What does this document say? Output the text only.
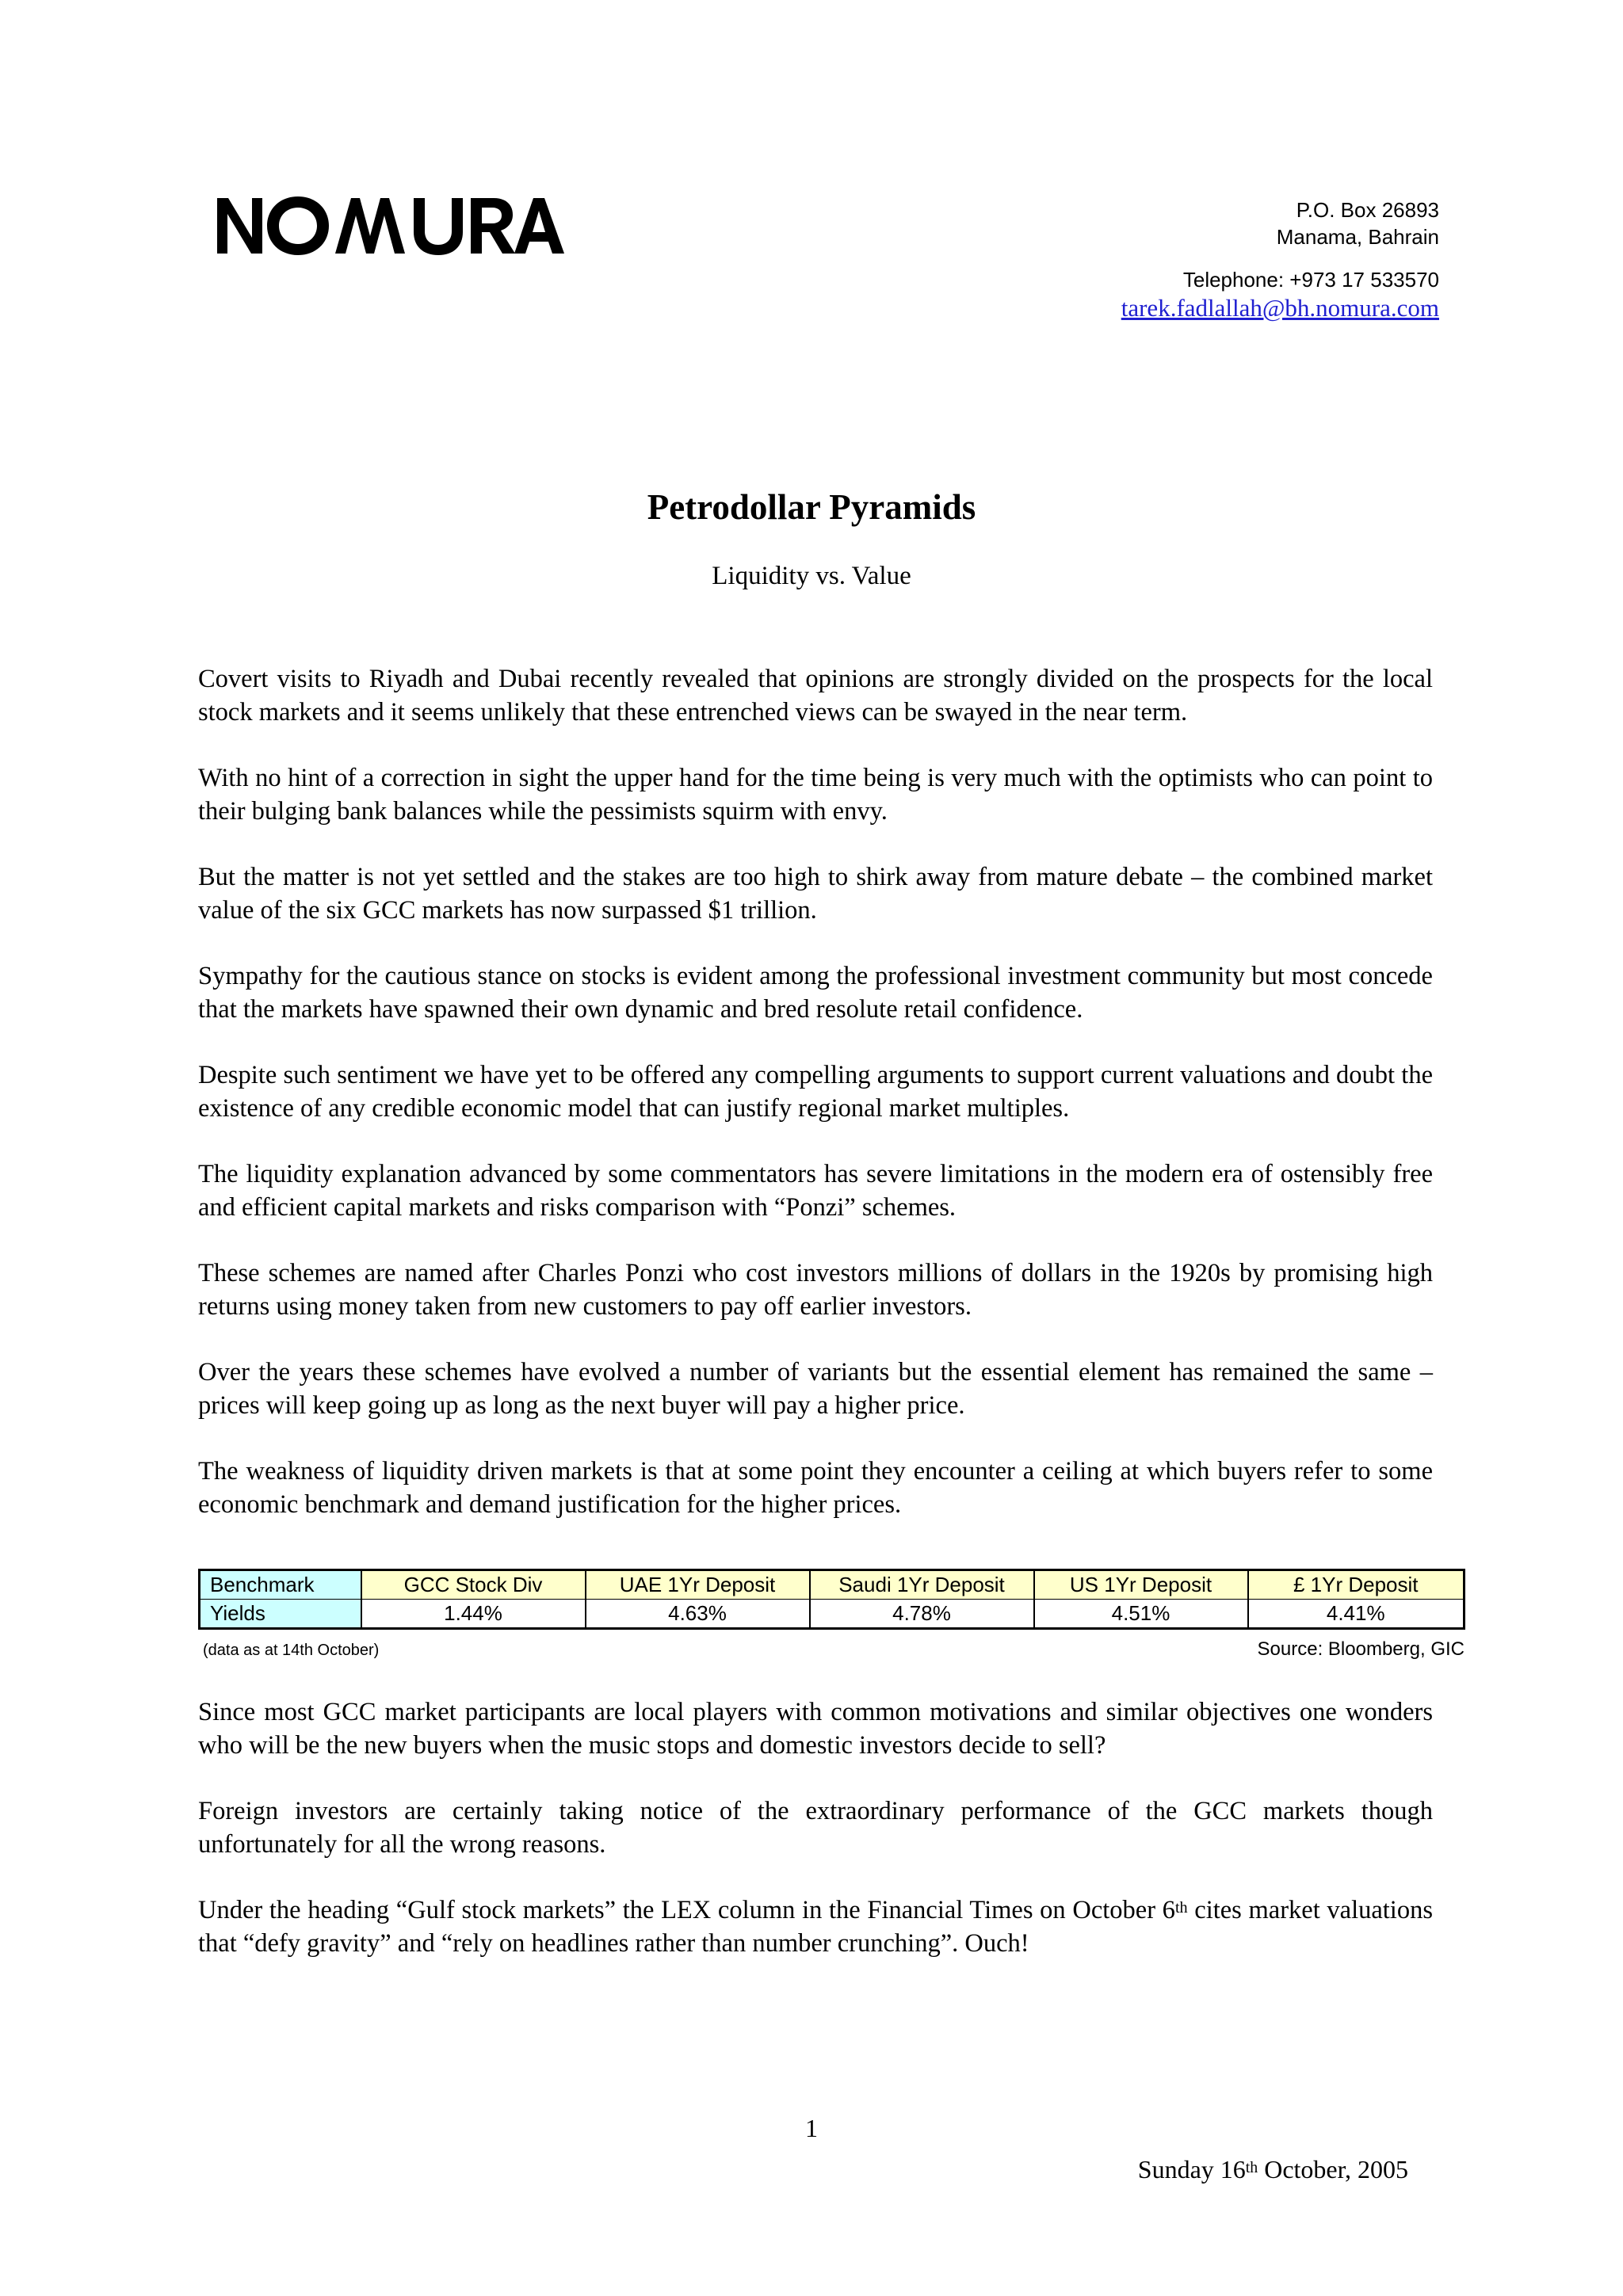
P.O. Box 26893
Manama, Bahrain
Telephone: +973 17 533570
tarek.fadlallah@bh.nomura.com
Petrodollar Pyramids
Liquidity vs. Value

Covert visits to Riyadh and Dubai recently revealed that opinions are strongly divided on the prospects for the local stock markets and it seems unlikely that these entrenched views can be swayed in the near term.

With no hint of a correction in sight the upper hand for the time being is very much with the optimists who can point to their bulging bank balances while the pessimists squirm with envy.

But the matter is not yet settled and the stakes are too high to shirk away from mature debate – the combined market value of the six GCC markets has now surpassed $1 trillion.

Sympathy for the cautious stance on stocks is evident among the professional investment community but most concede that the markets have spawned their own dynamic and bred resolute retail confidence.

Despite such sentiment we have yet to be offered any compelling arguments to support current valuations and doubt the existence of any credible economic model that can justify regional market multiples.

The liquidity explanation advanced by some commentators has severe limitations in the modern era of ostensibly free and efficient capital markets and risks comparison with “Ponzi” schemes.

These schemes are named after Charles Ponzi who cost investors millions of dollars in the 1920s by promising high returns using money taken from new customers to pay off earlier investors.

Over the years these schemes have evolved a number of variants but the essential element has remained the same – prices will keep going up as long as the next buyer will pay a higher price.

The weakness of liquidity driven markets is that at some point they encounter a ceiling at which buyers refer to some economic benchmark and demand justification for the higher prices.

Benchmark	GCC Stock Div	UAE 1Yr Deposit	Saudi 1Yr Deposit	US 1Yr Deposit	£ 1Yr Deposit
Yields	1.44%	4.63%	4.78%	4.51%	4.41%
(data as at 14th October)	Source: Bloomberg, GIC

Since most GCC market participants are local players with common motivations and similar objectives one wonders who will be the new buyers when the music stops and domestic investors decide to sell?

Foreign investors are certainly taking notice of the extraordinary performance of the GCC markets though unfortunately for all the wrong reasons.

Under the heading “Gulf stock markets” the LEX column in the Financial Times on October 6th cites market valuations that “defy gravity” and “rely on headlines rather than number crunching”. Ouch!

1
Sunday 16th October, 2005
